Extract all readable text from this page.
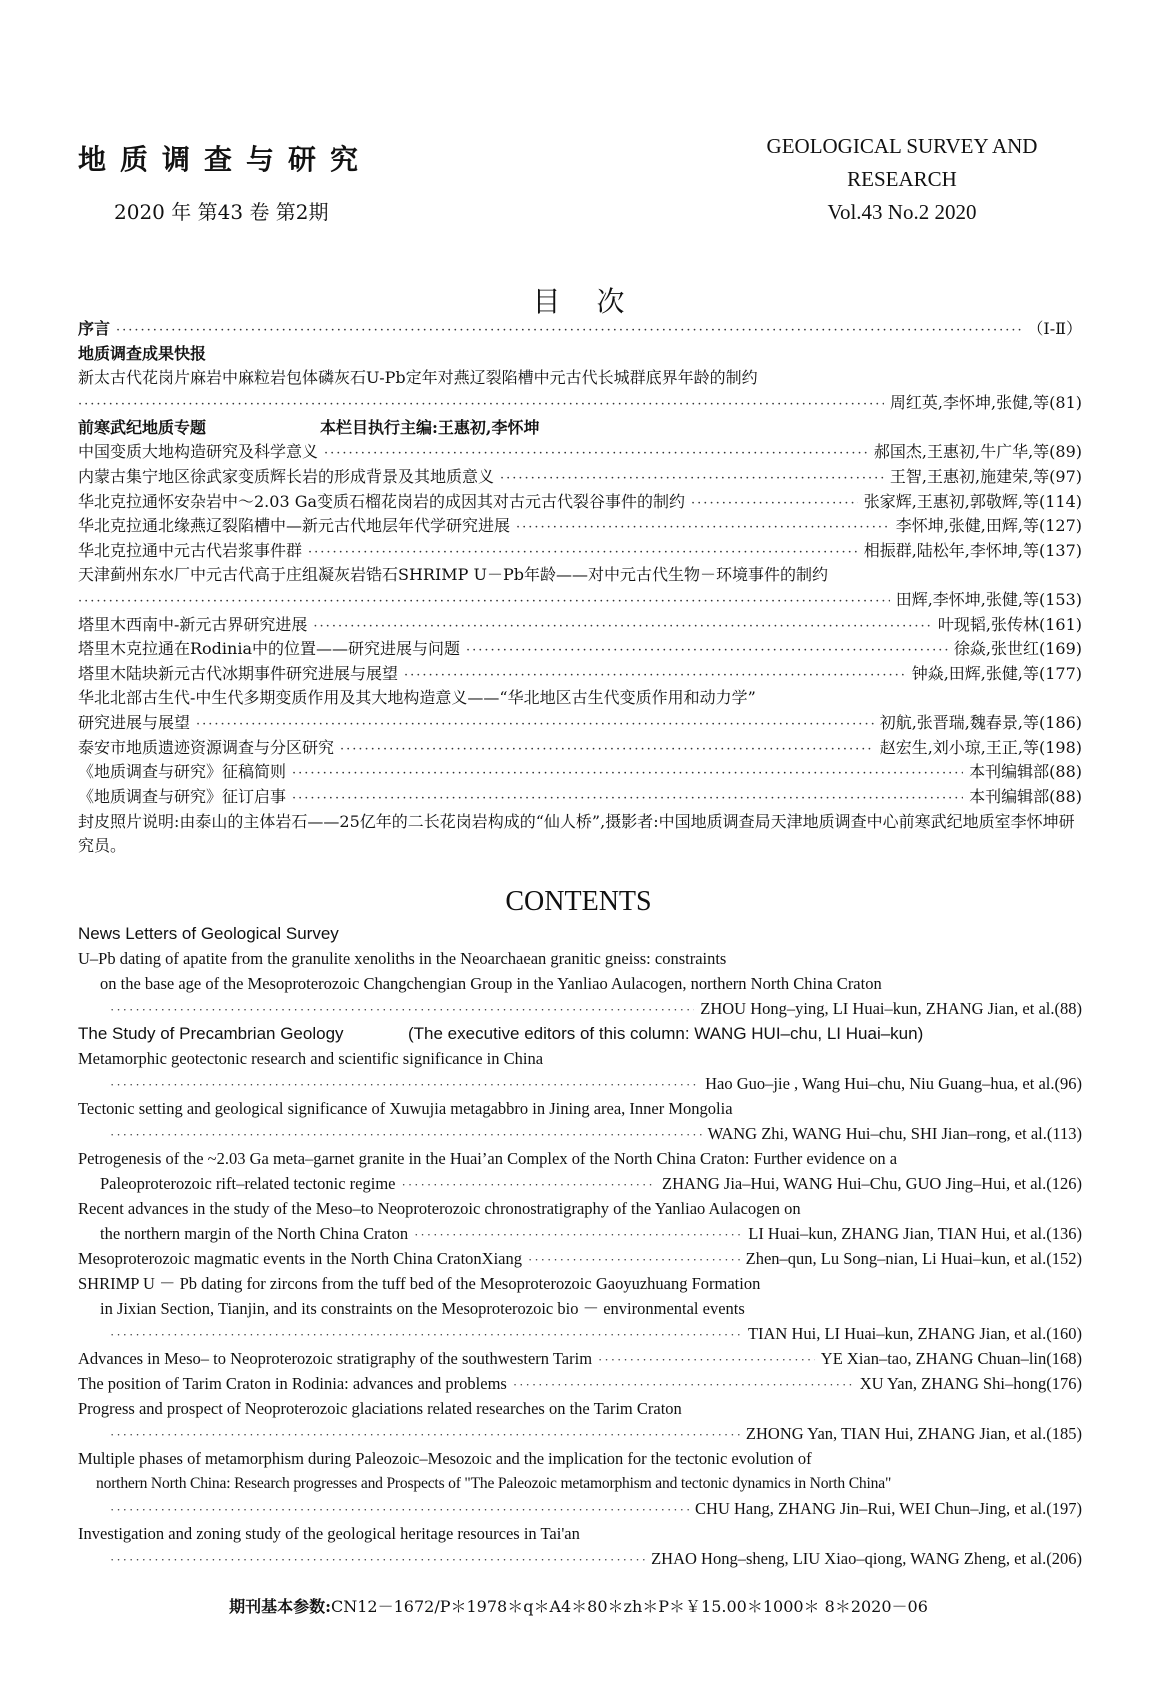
地质调查与研究
2020 年 第43 卷 第2期
GEOLOGICAL SURVEY AND
RESEARCH
Vol.43 No.2 2020
目次
序言 ·····	（Ⅰ-Ⅱ）
地质调查成果快报
新太古代花岗片麻岩中麻粒岩包体磷灰石U-Pb定年对燕辽裂陷槽中元古代长城群底界年龄的制约
·····
周红英,李怀坤,张健,等(81)
前寒武纪地质专题	本栏目执行主编:王惠初,李怀坤
中国变质大地构造研究及科学意义 ·····	郝国杰,王惠初,牛广华,等(89)
内蒙古集宁地区徐武家变质辉长岩的形成背景及其地质意义 ·····	王智,王惠初,施建荣,等(97)
华北克拉通怀安杂岩中～2.03 Ga变质石榴花岗岩的成因其对古元古代裂谷事件的制约 ·····	张家辉,王惠初,郭敬辉,等(114)
华北克拉通北缘燕辽裂陷槽中—新元古代地层年代学研究进展 ·····	李怀坤,张健,田辉,等(127)
华北克拉通中元古代岩浆事件群 ·····	相振群,陆松年,李怀坤,等(137)
天津蓟州东水厂中元古代高于庄组凝灰岩锆石SHRIMP U－Pb年龄——对中元古代生物－环境事件的制约
·····
田辉,李怀坤,张健,等(153)
塔里木西南中-新元古界研究进展 ·····	叶现韬,张传林(161)
塔里木克拉通在Rodinia中的位置——研究进展与问题 ·····	徐焱,张世红(169)
塔里木陆块新元古代冰期事件研究进展与展望 ·····	钟焱,田辉,张健,等(177)
华北北部古生代-中生代多期变质作用及其大地构造意义——“华北地区古生代变质作用和动力学”
研究进展与展望 ·····	初航,张晋瑞,魏春景,等(186)
泰安市地质遗迹资源调查与分区研究 ·····	赵宏生,刘小琼,王正,等(198)
《地质调查与研究》征稿简则 ·····	本刊编辑部(88)
《地质调查与研究》征订启事 ·····	本刊编辑部(88)
封皮照片说明:由泰山的主体岩石——25亿年的二长花岗岩构成的“仙人桥”,摄影者:中国地质调查局天津地质调查中心前寒武纪地质室李怀坤研究员。
CONTENTS
News Letters of Geological Survey
U–Pb dating of apatite from the granulite xenoliths in the Neoarchaean granitic gneiss: constraints
on the base age of the Mesoproterozoic Changchengian Group in the Yanliao Aulacogen, northern North China Craton
·····
ZHOU Hong–ying, LI Huai–kun, ZHANG Jian, et al.(88)
The Study of Precambrian Geology	(The executive editors of this column: WANG HUI–chu, LI Huai–kun)
Metamorphic geotectonic research and scientific significance in China
·····
Hao Guo–jie , Wang Hui–chu, Niu Guang–hua, et al.(96)
Tectonic setting and geological significance of Xuwujia metagabbro in Jining area, Inner Mongolia
·····
WANG Zhi, WANG Hui–chu, SHI Jian–rong, et al.(113)
Petrogenesis of the ~2.03 Ga meta–garnet granite in the Huai’an Complex of the North China Craton: Further evidence on a
Paleoproterozoic rift–related tectonic regime ·····	ZHANG Jia–Hui, WANG Hui–Chu, GUO Jing–Hui, et al.(126)
Recent advances in the study of the Meso–to Neoproterozoic chronostratigraphy of the Yanliao Aulacogen on
the northern margin of the North China Craton ·····	LI Huai–kun, ZHANG Jian, TIAN Hui, et al.(136)
Mesoproterozoic magmatic events in the North China CratonXiang ·····	Zhen–qun, Lu Song–nian, Li Huai–kun, et al.(152)
SHRIMP U － Pb dating for zircons from the tuff bed of the Mesoproterozoic Gaoyuzhuang Formation
in Jixian Section, Tianjin, and its constraints on the Mesoproterozoic bio － environmental events
·····
TIAN Hui, LI Huai–kun, ZHANG Jian, et al.(160)
Advances in Meso– to Neoproterozoic stratigraphy of the southwestern Tarim ·····	YE Xian–tao, ZHANG Chuan–lin(168)
The position of Tarim Craton in Rodinia: advances and problems ·····	XU Yan, ZHANG Shi–hong(176)
Progress and prospect of Neoproterozoic glaciations related researches on the Tarim Craton
·····
ZHONG Yan, TIAN Hui, ZHANG Jian, et al.(185)
Multiple phases of metamorphism during Paleozoic–Mesozoic and the implication for the tectonic evolution of
northern North China: Research progresses and Prospects of "The Paleozoic metamorphism and tectonic dynamics in North China"
·····
CHU Hang, ZHANG Jin–Rui, WEI Chun–Jing, et al.(197)
Investigation and zoning study of the geological heritage resources in Tai'an
·····
ZHAO Hong–sheng, LIU Xiao–qiong, WANG Zheng, et al.(206)
期刊基本参数:CN12－1672/P＊1978＊q＊A4＊80＊zh＊P＊￥15.00＊1000＊ 8＊2020－06
